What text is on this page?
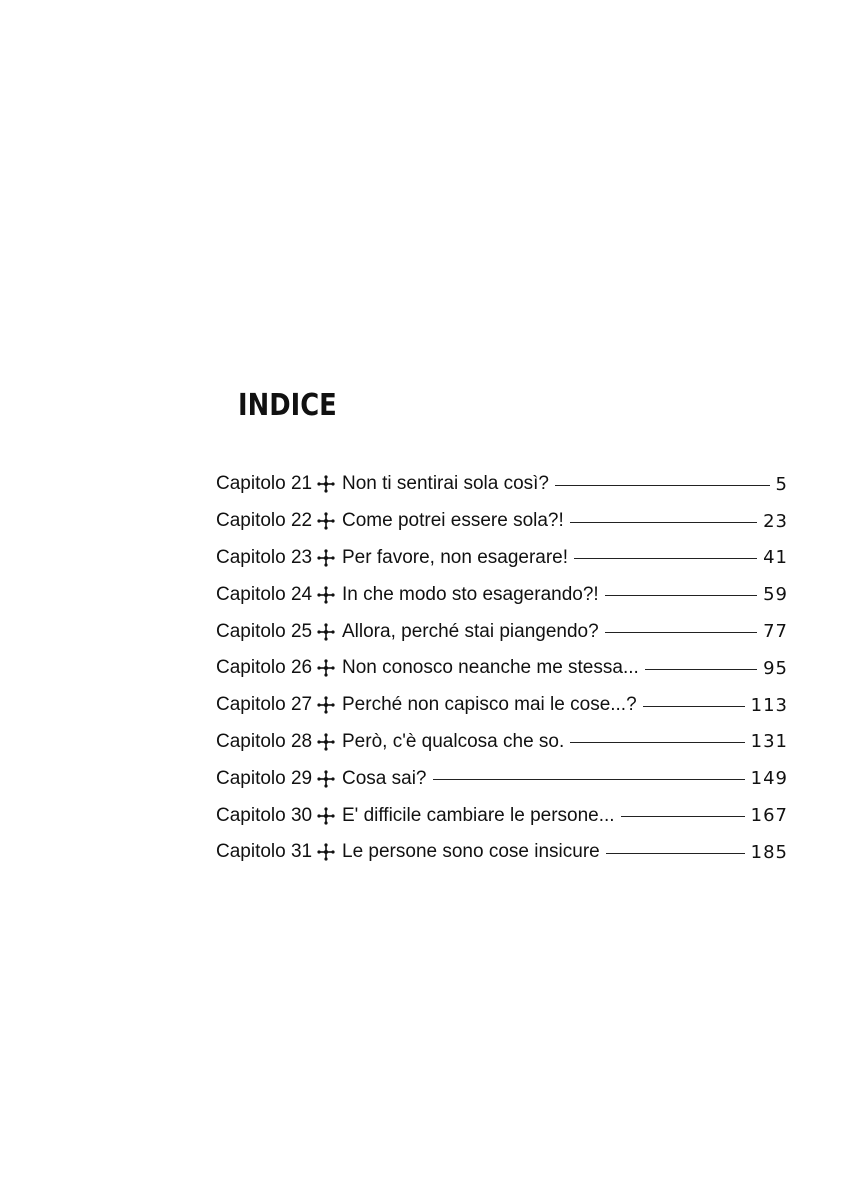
INDICE
Capitolo 21 Non ti sentirai sola così?	5
Capitolo 22 Come potrei essere sola?!	23
Capitolo 23 Per favore, non esagerare!	41
Capitolo 24 In che modo sto esagerando?!	59
Capitolo 25 Allora, perché stai piangendo?	77
Capitolo 26 Non conosco neanche me stessa...	95
Capitolo 27 Perché non capisco mai le cose...?	113
Capitolo 28 Però, c'è qualcosa che so.	131
Capitolo 29 Cosa sai?	149
Capitolo 30 E' difficile cambiare le persone...	167
Capitolo 31 Le persone sono cose insicure	185
